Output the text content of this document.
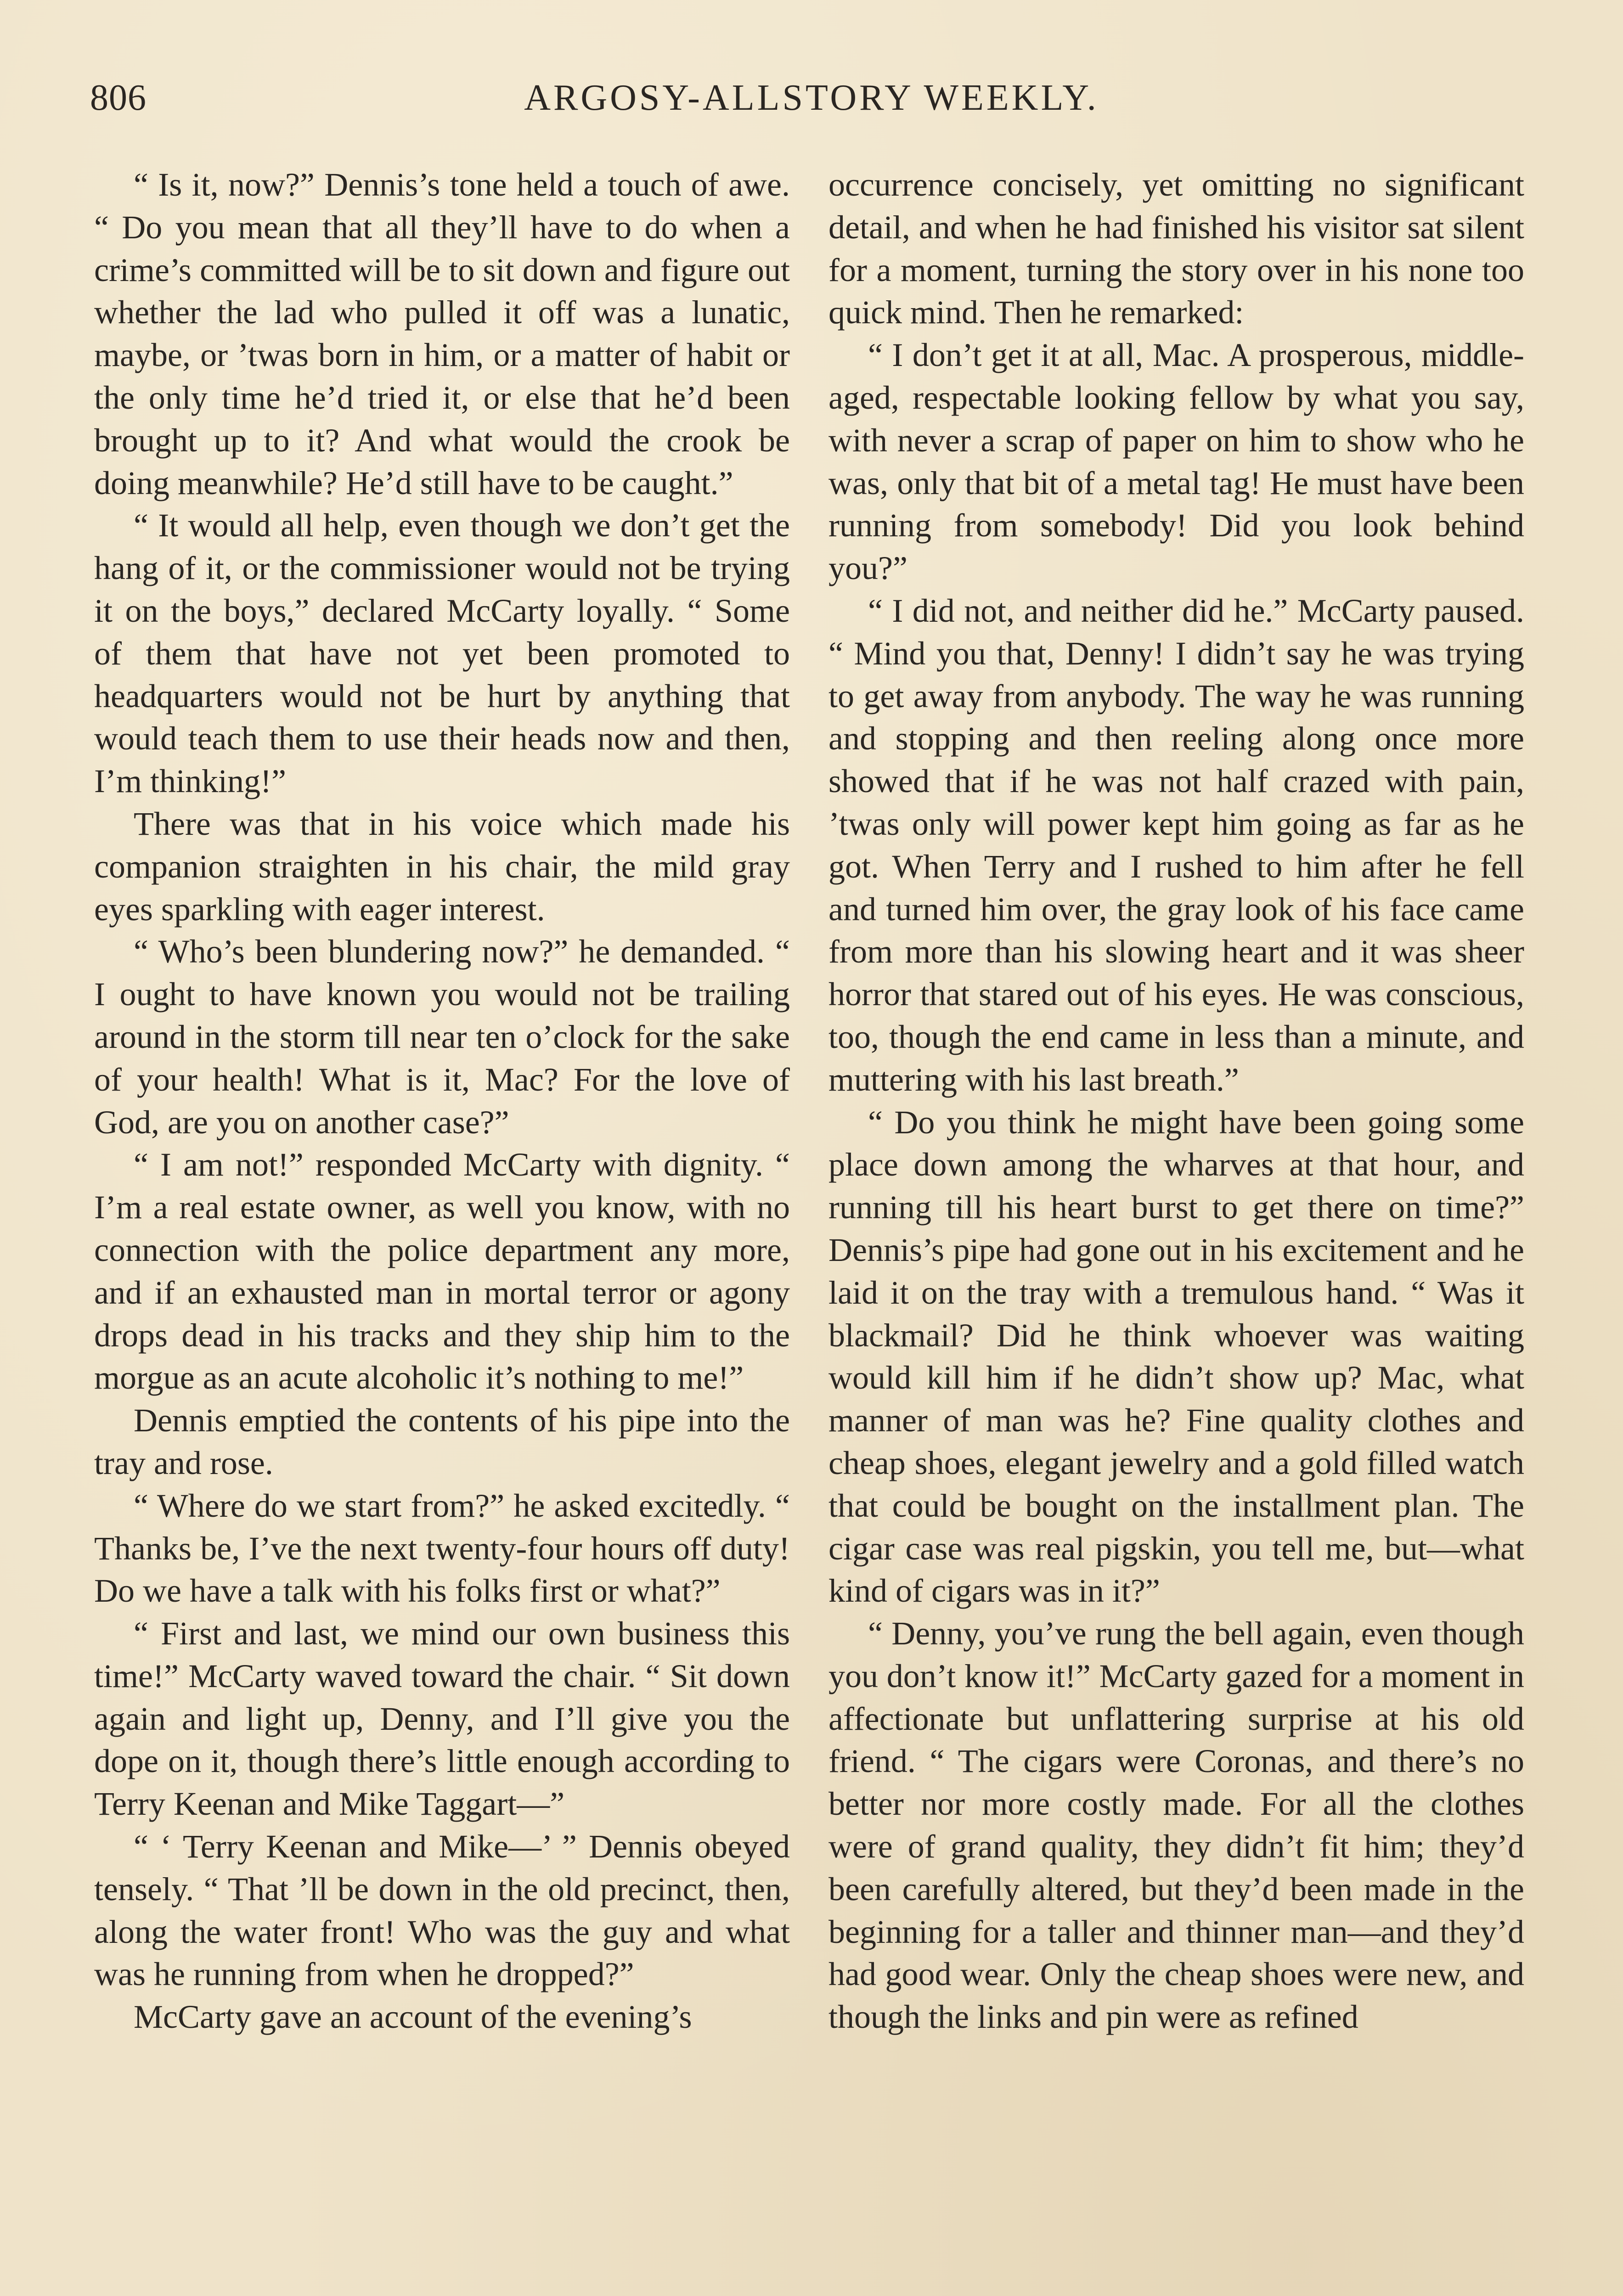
806	ARGOSY-ALLSTORY WEEKLY.

“ Is it, now?” Dennis’s tone held a touch of awe. “ Do you mean that all they’ll have to do when a crime’s committed will be to sit down and figure out whether the lad who pulled it off was a lunatic, maybe, or ’twas born in him, or a matter of habit or the only time he’d tried it, or else that he’d been brought up to it? And what would the crook be doing meanwhile? He’d still have to be caught.”

“ It would all help, even though we don’t get the hang of it, or the commissioner would not be trying it on the boys,” declared McCarty loyally. “ Some of them that have not yet been promoted to headquarters would not be hurt by anything that would teach them to use their heads now and then, I’m thinking!”

There was that in his voice which made his companion straighten in his chair, the mild gray eyes sparkling with eager interest.

“ Who’s been blundering now?” he demanded. “ I ought to have known you would not be trailing around in the storm till near ten o’clock for the sake of your health! What is it, Mac? For the love of God, are you on another case?”

“ I am not!” responded McCarty with dignity. “ I’m a real estate owner, as well you know, with no connection with the police department any more, and if an exhausted man in mortal terror or agony drops dead in his tracks and they ship him to the morgue as an acute alcoholic it’s nothing to me!”

Dennis emptied the contents of his pipe into the tray and rose.

“ Where do we start from?” he asked excitedly. “ Thanks be, I’ve the next twenty-four hours off duty! Do we have a talk with his folks first or what?”

“ First and last, we mind our own business this time!” McCarty waved toward the chair. “ Sit down again and light up, Denny, and I’ll give you the dope on it, though there’s little enough according to Terry Keenan and Mike Taggart—”

“ ‘ Terry Keenan and Mike—’ ” Dennis obeyed tensely. “ That ’ll be down in the old precinct, then, along the water front! Who was the guy and what was he running from when he dropped?”

McCarty gave an account of the evening’s

occurrence concisely, yet omitting no significant detail, and when he had finished his visitor sat silent for a moment, turning the story over in his none too quick mind. Then he remarked:

“ I don’t get it at all, Mac. A prosperous, middle-aged, respectable looking fellow by what you say, with never a scrap of paper on him to show who he was, only that bit of a metal tag! He must have been running from somebody! Did you look behind you?”

“ I did not, and neither did he.” McCarty paused. “ Mind you that, Denny! I didn’t say he was trying to get away from anybody. The way he was running and stopping and then reeling along once more showed that if he was not half crazed with pain, ’twas only will power kept him going as far as he got. When Terry and I rushed to him after he fell and turned him over, the gray look of his face came from more than his slowing heart and it was sheer horror that stared out of his eyes. He was conscious, too, though the end came in less than a minute, and muttering with his last breath.”

“ Do you think he might have been going some place down among the wharves at that hour, and running till his heart burst to get there on time?” Dennis’s pipe had gone out in his excitement and he laid it on the tray with a tremulous hand. “ Was it blackmail? Did he think whoever was waiting would kill him if he didn’t show up? Mac, what manner of man was he? Fine quality clothes and cheap shoes, elegant jewelry and a gold filled watch that could be bought on the installment plan. The cigar case was real pigskin, you tell me, but—what kind of cigars was in it?”

“ Denny, you’ve rung the bell again, even though you don’t know it!” McCarty gazed for a moment in affectionate but unflattering surprise at his old friend. “ The cigars were Coronas, and there’s no better nor more costly made. For all the clothes were of grand quality, they didn’t fit him; they’d been carefully altered, but they’d been made in the beginning for a taller and thinner man—and they’d had good wear. Only the cheap shoes were new, and though the links and pin were as refined
